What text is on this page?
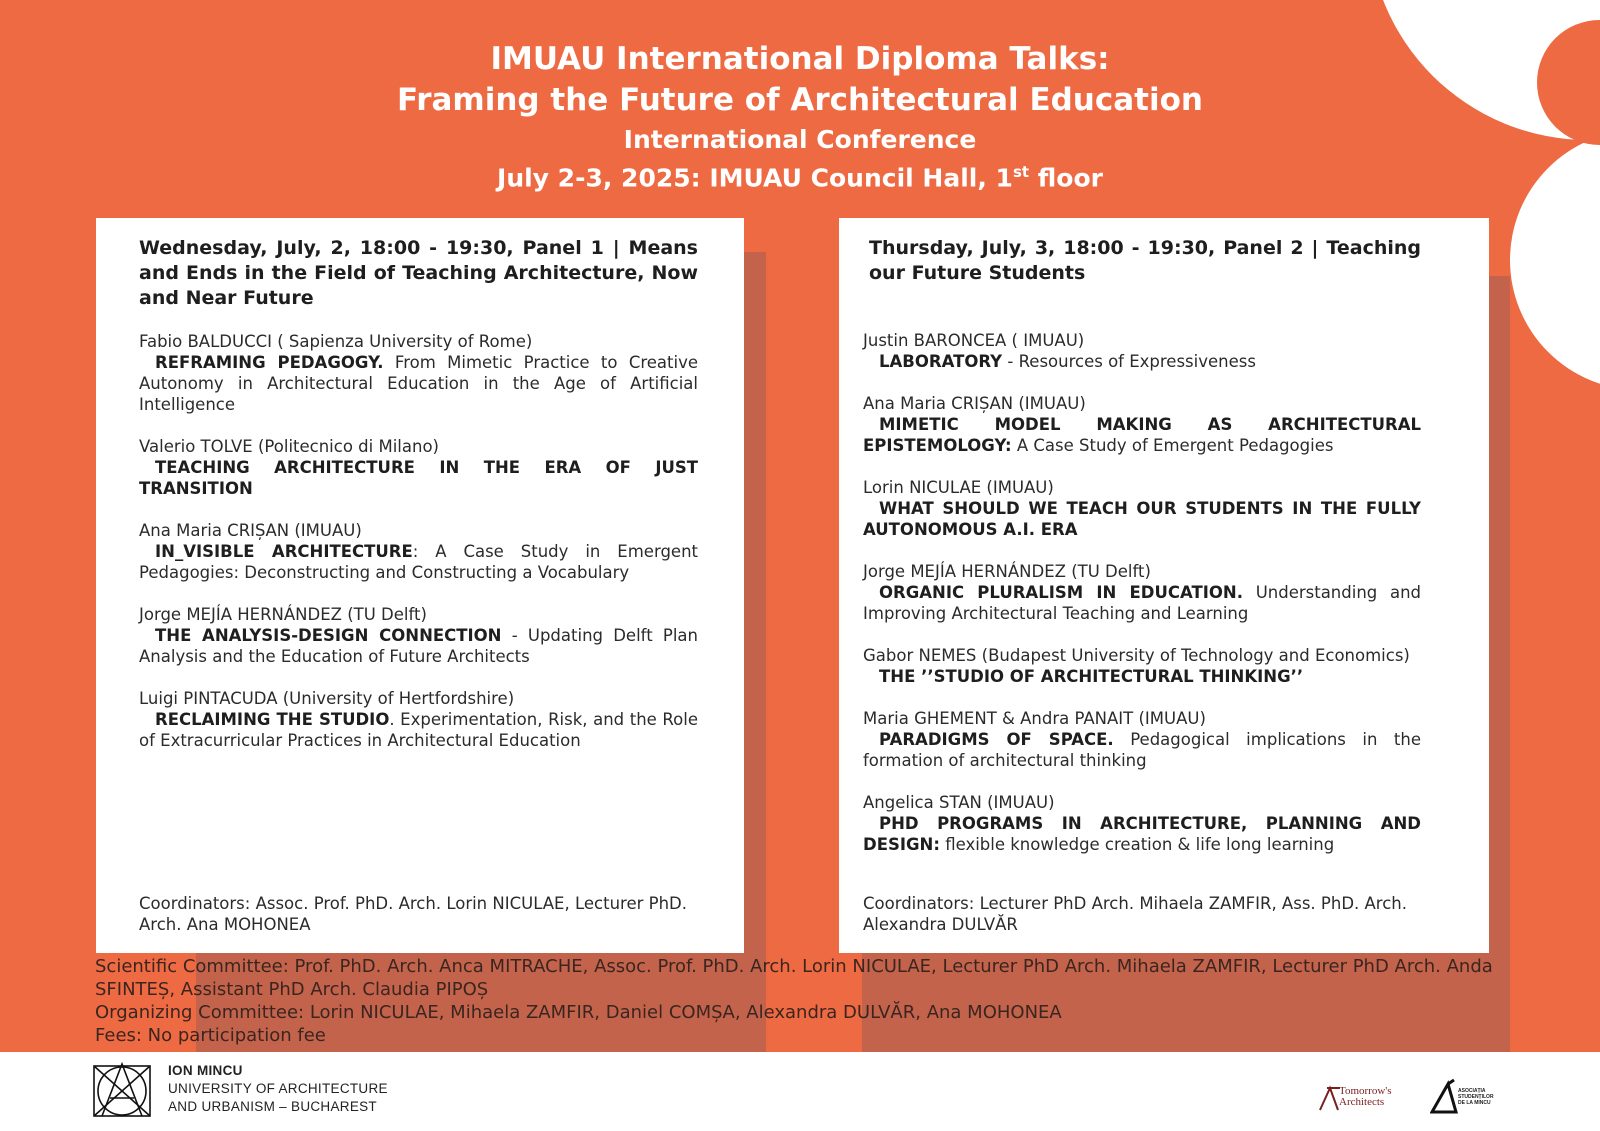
IMUAU International Diploma Talks:
Framing the Future of Architectural Education
International Conference
July 2-3, 2025: IMUAU Council Hall, 1st floor
Wednesday, July, 2, 18:00 - 19:30, Panel 1 | Means and Ends in the Field of Teaching Architecture, Now and Near Future
Fabio BALDUCCI ( Sapienza University of Rome)
REFRAMING PEDAGOGY. From Mimetic Practice to Creative Autonomy in Architectural Education in the Age of Artificial Intelligence
Valerio TOLVE (Politecnico di Milano)
TEACHING ARCHITECTURE IN THE ERA OF JUST TRANSITION
Ana Maria CRIȘAN (IMUAU)
IN_VISIBLE ARCHITECTURE: A Case Study in Emergent Pedagogies: Deconstructing and Constructing a Vocabulary
Jorge MEJÍA HERNÁNDEZ (TU Delft)
THE ANALYSIS-DESIGN CONNECTION - Updating Delft Plan Analysis and the Education of Future Architects
Luigi PINTACUDA (University of Hertfordshire)
RECLAIMING THE STUDIO. Experimentation, Risk, and the Role of Extracurricular Practices in Architectural Education
Coordinators: Assoc. Prof. PhD. Arch. Lorin NICULAE, Lecturer PhD. Arch. Ana MOHONEA
Thursday, July, 3, 18:00 - 19:30, Panel 2 | Teaching our Future Students
Justin BARONCEA ( IMUAU)
LABORATORY - Resources of Expressiveness
Ana Maria CRIȘAN (IMUAU)
MIMETIC MODEL MAKING AS ARCHITECTURAL EPISTEMOLOGY: A Case Study of Emergent Pedagogies
Lorin NICULAE (IMUAU)
WHAT SHOULD WE TEACH OUR STUDENTS IN THE FULLY AUTONOMOUS A.I. ERA
Jorge MEJÍA HERNÁNDEZ (TU Delft)
ORGANIC PLURALISM IN EDUCATION. Understanding and Improving Architectural Teaching and Learning
Gabor NEMES (Budapest University of Technology and Economics)
THE ’’STUDIO OF ARCHITECTURAL THINKING’’
Maria GHEMENT & Andra PANAIT (IMUAU)
PARADIGMS OF SPACE. Pedagogical implications in the formation of architectural thinking
Angelica STAN (IMUAU)
PHD PROGRAMS IN ARCHITECTURE, PLANNING AND DESIGN: flexible knowledge creation & life long learning
Coordinators: Lecturer PhD Arch. Mihaela ZAMFIR, Ass. PhD. Arch. Alexandra DULVĂR
Scientific Committee: Prof. PhD. Arch. Anca MITRACHE, Assoc. Prof. PhD. Arch. Lorin NICULAE, Lecturer PhD Arch. Mihaela ZAMFIR, Lecturer PhD Arch. Anda SFINTEȘ, Assistant PhD Arch. Claudia PIPOȘ
Organizing Committee: Lorin NICULAE, Mihaela ZAMFIR, Daniel COMȘA, Alexandra DULVĂR, Ana MOHONEA
Fees: No participation fee
ION MINCU
UNIVERSITY OF ARCHITECTURE
AND URBANISM – BUCHAREST
Tomorrow's
Architects
ASOCIAȚIA
STUDENȚILOR
DE LA MINCU
